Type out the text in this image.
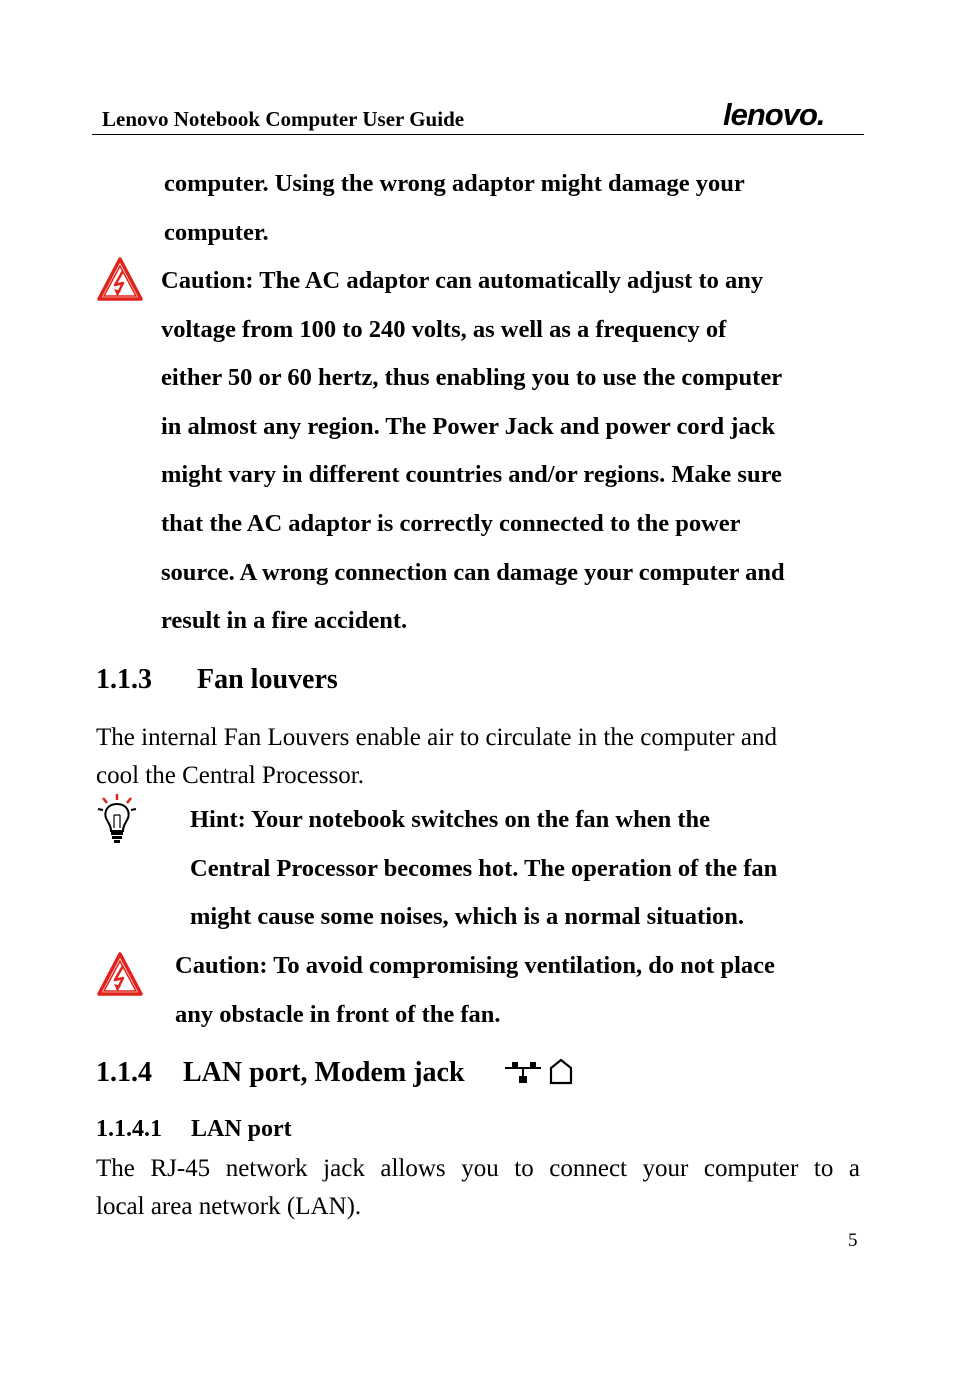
Lenovo Notebook Computer User Guide	lenovo.

computer. Using the wrong adaptor might damage your
computer.

Caution: The AC adaptor can automatically adjust to any
voltage from 100 to 240 volts, as well as a frequency of
either 50 or 60 hertz, thus enabling you to use the computer
in almost any region. The Power Jack and power cord jack
might vary in different countries and/or regions. Make sure
that the AC adaptor is correctly connected to the power
source. A wrong connection can damage your computer and
result in a fire accident.

1.1.3 Fan louvers

The internal Fan Louvers enable air to circulate in the computer and
cool the Central Processor.

Hint: Your notebook switches on the fan when the
Central Processor becomes hot. The operation of the fan
might cause some noises, which is a normal situation.

Caution: To avoid compromising ventilation, do not place
any obstacle in front of the fan.

1.1.4 LAN port, Modem jack
1.1.4.1 LAN port

The RJ-45 network jack allows you to connect your computer to a
local area network (LAN).

5
